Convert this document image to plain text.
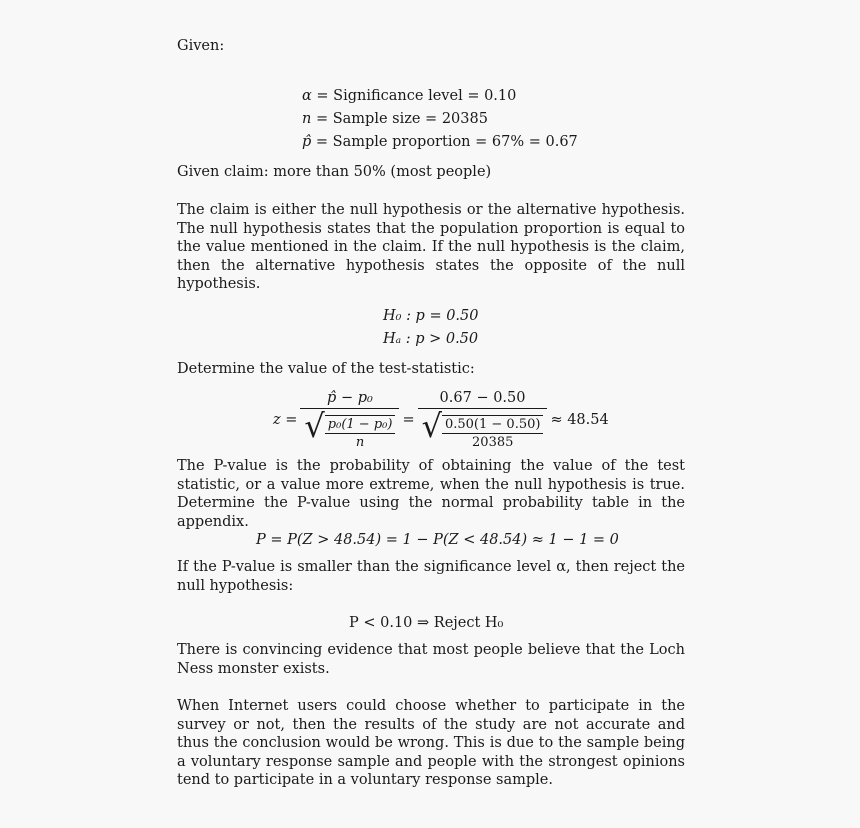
Given:
α = Significance level = 0.10
n = Sample size = 20385
p̂ = Sample proportion = 67% = 0.67
Given claim: more than 50% (most people)
The claim is either the null hypothesis or the alternative hypothesis. The null hypothesis states that the population proportion is equal to the value mentioned in the claim. If the null hypothesis is the claim, then the alternative hypothesis states the opposite of the null hypothesis.
H₀ : p = 0.50
Hₐ : p > 0.50
Determine the value of the test-statistic:
$z = \frac{\text{p̂ − p₀}}{√ \frac{\text{p₀(1 − p₀)}}{n}}$ =
0.67 − 0.50
√ $\frac{0.50(1 - 0.50)}{20385} \approx 48.54$
The P-value is the probability of obtaining the value of the test statistic, or a value more extreme, when the null hypothesis is true. Determine the P-value using the normal probability table in the appendix.
P = P(Z > 48.54) = 1 − P(Z < 48.54) ≈ 1 − 1 = 0
If the P-value is smaller than the significance level α, then reject the null hypothesis:
P < 0.10 ⇒ Reject H₀
There is convincing evidence that most people believe that the Loch Ness monster exists.
When Internet users could choose whether to participate in the survey or not, then the results of the study are not accurate and thus the conclusion would be wrong. This is due to the sample being a voluntary response sample and people with the strongest opinions tend to participate in a voluntary response sample.
